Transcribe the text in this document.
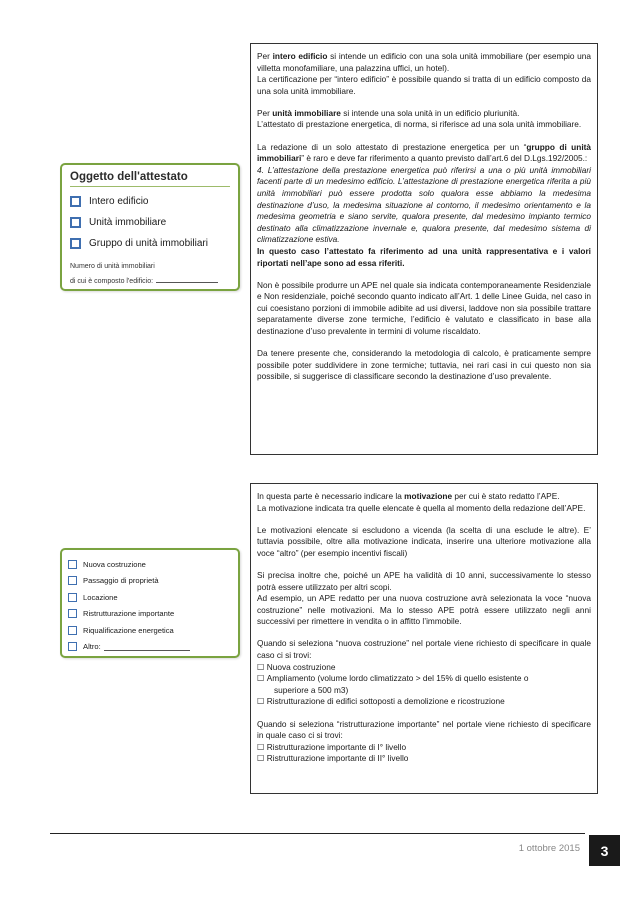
Oggetto dell'attestato
Intero edificio
Unità immobiliare
Gruppo di unità immobiliari
Numero di unità immobiliari
di cui è composto l'edificio:
Nuova costruzione
Passaggio di proprietà
Locazione
Ristrutturazione importante
Riqualificazione energetica
Altro:

Per intero edificio si intende un edificio con una sola unità immobiliare (per esempio una villetta monofamiliare, una palazzina uffici, un hotel).
La certificazione per “intero edificio” è possibile quando si tratta di un edificio composto da una sola unità immobiliare.

Per unità immobiliare si intende una sola unità in un edificio pluriunità.
L’attestato di prestazione energetica, di norma, si riferisce ad una sola unità immobiliare.

La redazione di un solo attestato di prestazione energetica per un “gruppo di unità immobiliari” è raro e deve far riferimento a quanto previsto dall’art.6 del D.Lgs.192/2005.:
4. L’attestazione della prestazione energetica può riferirsi a una o più unità immobiliari facenti parte di un medesimo edificio. L’attestazione di prestazione energetica riferita a più unità immobiliari può essere prodotta solo qualora esse abbiamo la medesima destinazione d’uso, la medesima situazione al contorno, il medesimo orientamento e la medesima geometria e siano servite, qualora presente, dal medesimo impianto termico destinato alla climatizzazione invernale e, qualora presente, dal medesimo sistema di climatizzazione estiva.
In questo caso l’attestato fa riferimento ad una unità rappresentativa e i valori riportati nell’ape sono ad essa riferiti.

Non è possibile produrre un APE nel quale sia indicata contemporaneamente Residenziale e Non residenziale, poiché secondo quanto indicato all’Art. 1 delle Linee Guida, nel caso in cui coesistano porzioni di immobile adibite ad usi diversi, laddove non sia possibile trattare separatamente diverse zone termiche, l’edificio è valutato e classificato in base alla destinazione d’uso prevalente in termini di volume riscaldato.

Da tenere presente che, considerando la metodologia di calcolo, è praticamente sempre possibile poter suddividere in zone termiche; tuttavia, nei rari casi in cui questo non sia possibile, si suggerisce di classificare secondo la destinazione d’uso prevalente.

In questa parte è necessario indicare la motivazione per cui è stato redatto l’APE.
La motivazione indicata tra quelle elencate è quella al momento della redazione dell’APE.

Le motivazioni elencate si escludono a vicenda (la scelta di una esclude le altre). E’ tuttavia possibile, oltre alla motivazione indicata, inserire una ulteriore motivazione alla voce “altro” (per esempio incentivi fiscali)

Si precisa inoltre che, poiché un APE ha validità di 10 anni, successivamente lo stesso potrà essere utilizzato per altri scopi.
Ad esempio, un APE redatto per una nuova costruzione avrà selezionata la voce “nuova costruzione” nelle motivazioni. Ma lo stesso APE potrà essere utilizzato negli anni successivi per rimettere in vendita o in affitto l’immobile.

Quando si seleziona “nuova costruzione” nel portale viene richiesto di specificare in quale caso ci si trovi:
☐ Nuova costruzione
☐ Ampliamento (volume lordo climatizzato > del 15% di quello esistente o
superiore a 500 m3)
☐ Ristrutturazione di edifici sottoposti a demolizione e ricostruzione

Quando si seleziona “ristrutturazione importante” nel portale viene richiesto di specificare in quale caso ci si trovi:
☐ Ristrutturazione importante di I° livello
☐ Ristrutturazione importante di II° livello

1 ottobre 2015	3
